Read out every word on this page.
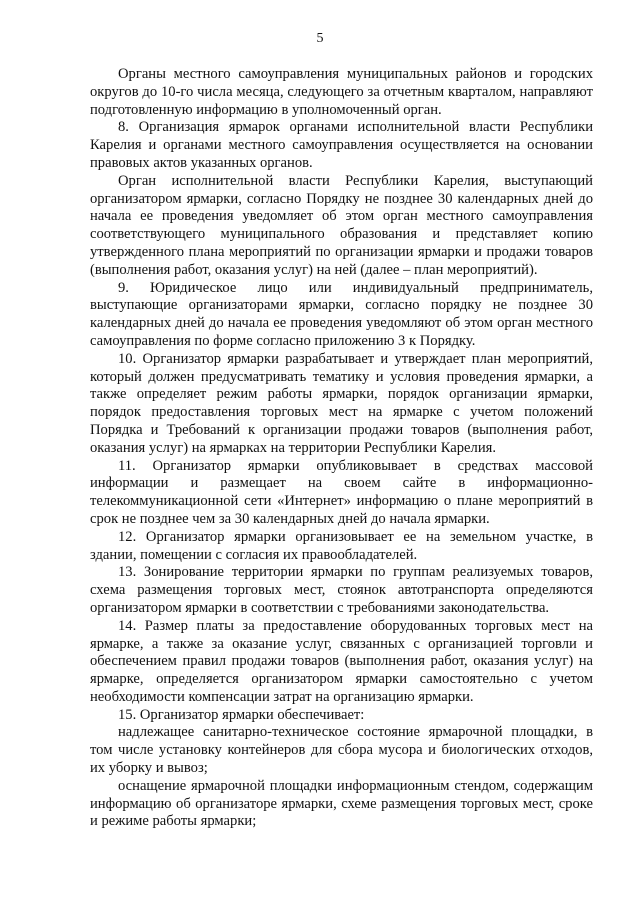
5

Органы местного самоуправления муниципальных районов и городских округов до 10-го числа месяца, следующего за отчетным кварталом, направляют подготовленную информацию в уполномоченный орган.

8. Организация ярмарок органами исполнительной власти Республики Карелия и органами местного самоуправления осуществляется на основании правовых актов указанных органов.

Орган исполнительной власти Республики Карелия, выступающий организатором ярмарки, согласно Порядку не позднее 30 календарных дней до начала ее проведения уведомляет об этом орган местного самоуправления соответствующего муниципального образования и представляет копию утвержденного плана мероприятий по организации ярмарки и продажи товаров (выполнения работ, оказания услуг) на ней (далее – план мероприятий).

9. Юридическое лицо или индивидуальный предприниматель, выступающие организаторами ярмарки, согласно порядку не позднее 30 календарных дней до начала ее проведения уведомляют об этом орган местного самоуправления по форме согласно приложению 3 к Порядку.

10. Организатор ярмарки разрабатывает и утверждает план мероприятий, который должен предусматривать тематику и условия проведения ярмарки, а также определяет режим работы ярмарки, порядок организации ярмарки, порядок предоставления торговых мест на ярмарке с учетом положений Порядка и Требований к организации продажи товаров (выполнения работ, оказания услуг) на ярмарках на территории Республики Карелия.

11. Организатор ярмарки опубликовывает в средствах массовой информации и размещает на своем сайте в информационно-телекоммуникационной сети «Интернет» информацию о плане мероприятий в срок не позднее чем за 30 календарных дней до начала ярмарки.

12. Организатор ярмарки организовывает ее на земельном участке, в здании, помещении с согласия их правообладателей.

13. Зонирование территории ярмарки по группам реализуемых товаров, схема размещения торговых мест, стоянок автотранспорта определяются организатором ярмарки в соответствии с требованиями законодательства.

14. Размер платы за предоставление оборудованных торговых мест на ярмарке, а также за оказание услуг, связанных с организацией торговли и обеспечением правил продажи товаров (выполнения работ, оказания услуг) на ярмарке, определяется организатором ярмарки самостоятельно с учетом необходимости компенсации затрат на организацию ярмарки.

15. Организатор ярмарки обеспечивает:

надлежащее санитарно-техническое состояние ярмарочной площадки, в том числе установку контейнеров для сбора мусора и биологических отходов, их уборку и вывоз;

оснащение ярмарочной площадки информационным стендом, содержащим информацию об организаторе ярмарки, схеме размещения торговых мест, сроке и режиме работы ярмарки;
